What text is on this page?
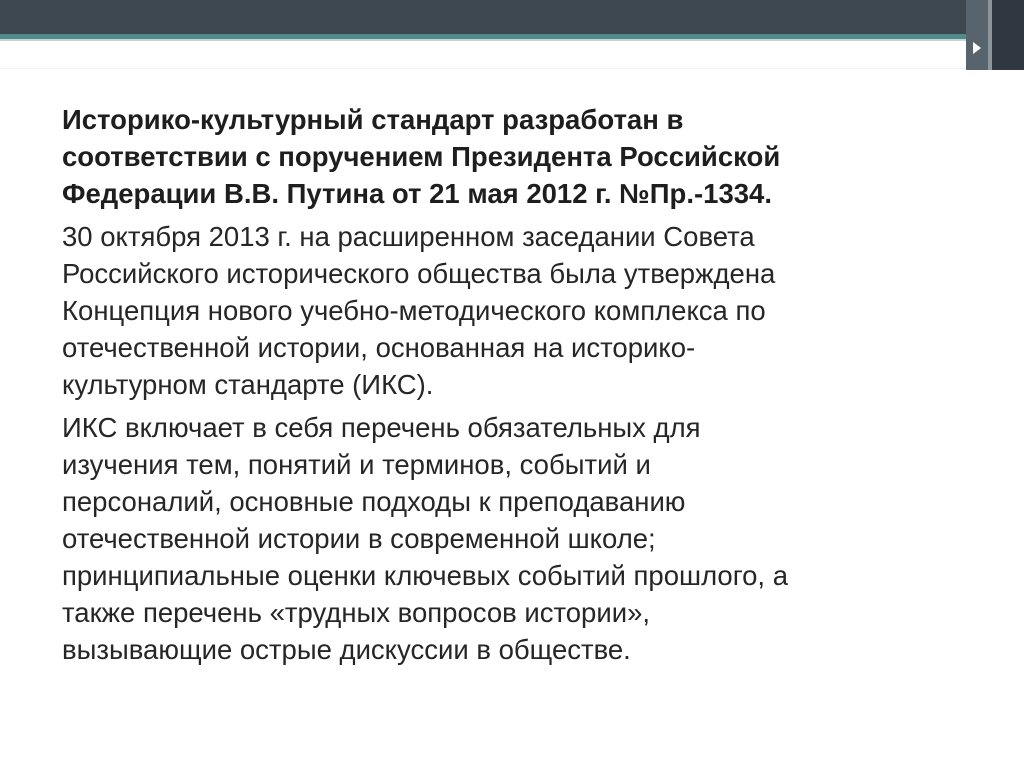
Историко-культурный стандарт разработан в
соответствии с поручением Президента Российской
Федерации В.В. Путина от 21 мая 2012 г. №Пр.-1334.

30 октября 2013 г. на расширенном заседании Совета
Российского исторического общества была утверждена
Концепция нового учебно-методического комплекса по
отечественной истории, основанная на историко-
культурном стандарте (ИКС).

ИКС включает в себя перечень обязательных для
изучения тем, понятий и терминов, событий и
персоналий, основные подходы к преподаванию
отечественной истории в современной школе;
принципиальные оценки ключевых событий прошлого, а
также перечень «трудных вопросов истории»,
вызывающие острые дискуссии в обществе.
